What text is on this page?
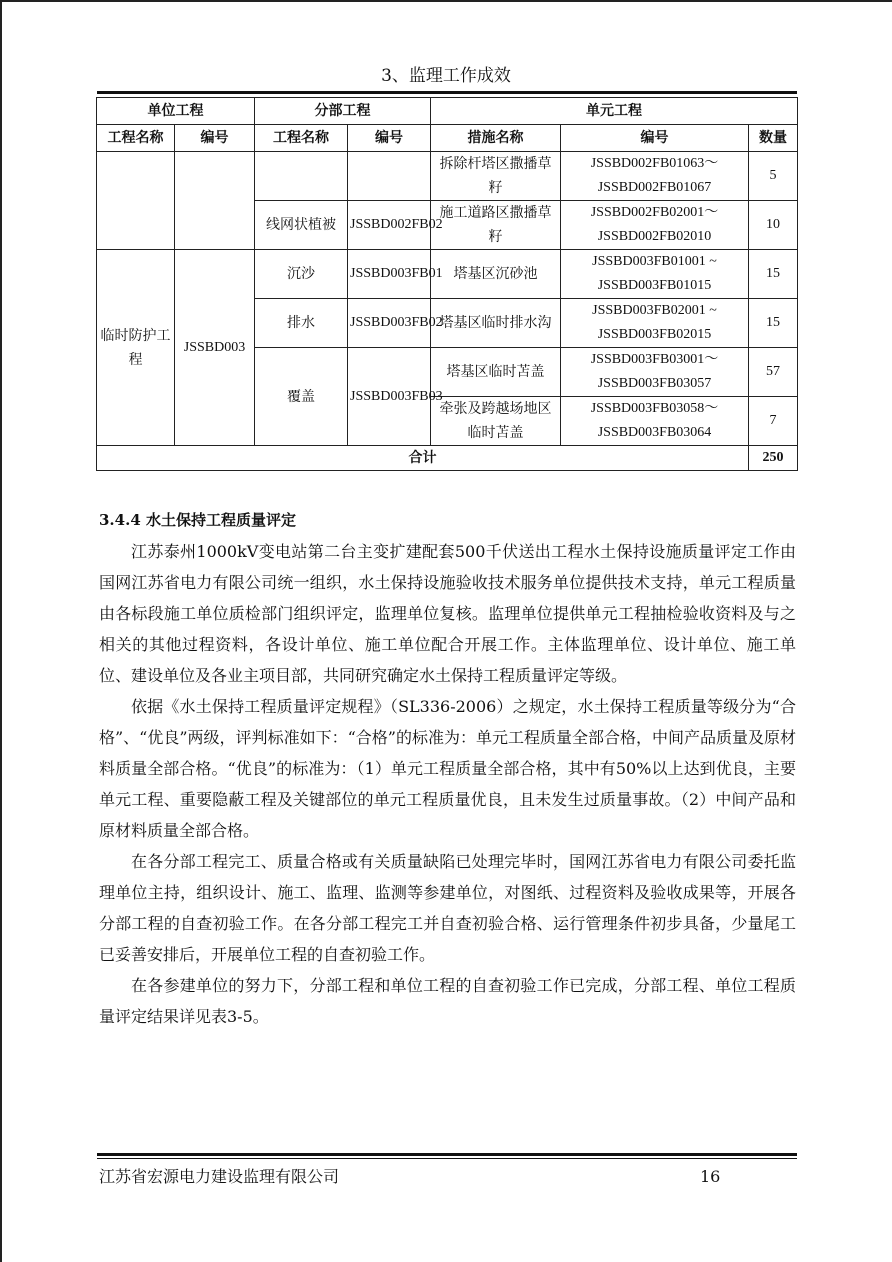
3、监理工作成效
单位工程		分部工程		单元工程		
工程名称	编号	工程名称	编号	措施名称	编号	数量
				拆除杆塔区撒播草籽	JSSBD002FB01063～JSSBD002FB01067	5
		线网状植被	JSSBD002FB02	施工道路区撒播草籽	JSSBD002FB02001～JSSBD002FB02010	10
临时防护工程	JSSBD003	沉沙	JSSBD003FB01	塔基区沉砂池	JSSBD003FB01001 ~ JSSBD003FB01015	15
		排水	JSSBD003FB02	塔基区临时排水沟	JSSBD003FB02001 ~ JSSBD003FB02015	15
		覆盖	JSSBD003FB03	塔基区临时苫盖	JSSBD003FB03001～JSSBD003FB03057	57
				牵张及跨越场地区临时苫盖	JSSBD003FB03058～JSSBD003FB03064	7
合计						250
3.4.4 水土保持工程质量评定

江苏泰州1000kV变电站第二台主变扩建配套500千伏送出工程水土保持设施质量评定工作由国网江苏省电力有限公司统一组织，水土保持设施验收技术服务单位提供技术支持，单元工程质量由各标段施工单位质检部门组织评定，监理单位复核。监理单位提供单元工程抽检验收资料及与之相关的其他过程资料，各设计单位、施工单位配合开展工作。主体监理单位、设计单位、施工单位、建设单位及各业主项目部，共同研究确定水土保持工程质量评定等级。

依据《水土保持工程质量评定规程》（SL336-2006）之规定，水土保持工程质量等级分为“合格”、“优良”两级，评判标准如下：“合格”的标准为：单元工程质量全部合格，中间产品质量及原材料质量全部合格。“优良”的标准为：（1）单元工程质量全部合格，其中有50%以上达到优良，主要单元工程、重要隐蔽工程及关键部位的单元工程质量优良，且未发生过质量事故。（2）中间产品和原材料质量全部合格。

在各分部工程完工、质量合格或有关质量缺陷已处理完毕时，国网江苏省电力有限公司委托监理单位主持，组织设计、施工、监理、监测等参建单位，对图纸、过程资料及验收成果等，开展各分部工程的自查初验工作。在各分部工程完工并自查初验合格、运行管理条件初步具备，少量尾工已妥善安排后，开展单位工程的自查初验工作。

在各参建单位的努力下，分部工程和单位工程的自查初验工作已完成，分部工程、单位工程质量评定结果详见表3-5。

江苏省宏源电力建设监理有限公司	16
